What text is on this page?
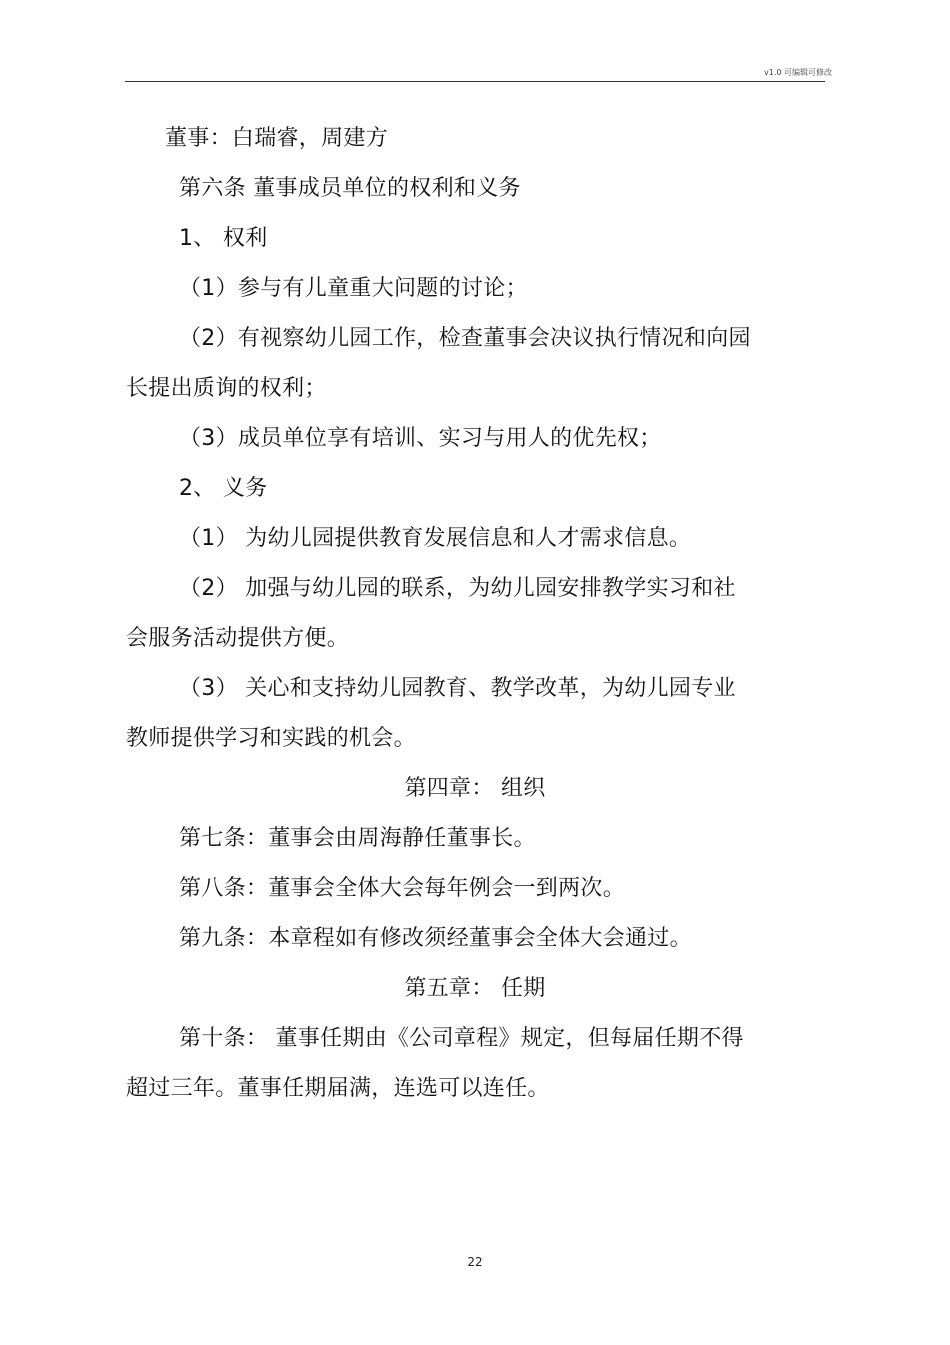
v1.0 可编辑可修改
董事：白瑞睿，周建方
第六条 董事成员单位的权利和义务
1、 权利
（1）参与有儿童重大问题的讨论；
（2）有视察幼儿园工作，检查董事会决议执行情况和向园
长提出质询的权利；
（3）成员单位享有培训、实习与用人的优先权；
2、 义务
（1） 为幼儿园提供教育发展信息和人才需求信息。
（2） 加强与幼儿园的联系，为幼儿园安排教学实习和社
会服务活动提供方便。
（3） 关心和支持幼儿园教育、教学改革，为幼儿园专业
教师提供学习和实践的机会。
第四章： 组织
第七条：董事会由周海静任董事长。
第八条：董事会全体大会每年例会一到两次。
第九条：本章程如有修改须经董事会全体大会通过。
第五章： 任期
第十条： 董事任期由《公司章程》规定，但每届任期不得
超过三年。董事任期届满，连选可以连任。
22
